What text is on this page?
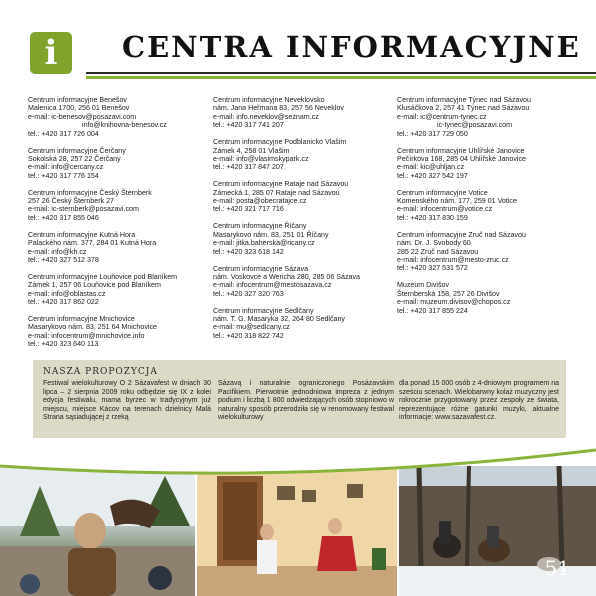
i CENTRA INFORMACYJNE
Centrum informacyjne Benešov
Malenica 1700, 256 01 Benešov
e-mail: ic-benesov@posazavi.com
info@knihovna-benesov.cz
tel.: +420 317 726 004
Centrum informacyjne Čerčany
Sokolská 28, 257 22 Čerčany
e-mail: info@cercany.cz
tel.: +420 317 776 154
Centrum informacyjne Český Šternberk
257 26 Český Šternberk 27
e-mail: ic-sternberk@posazavi.com
tel.: +420 317 855 046
Centrum informacyjne Kutná Hora
Palackého nám. 377, 284 01 Kutná Hora
e-mail: info@kh.cz
tel.: +420 327 512 378
Centrum informacyjne Louňovice pod Blaníkem
Zámek 1, 257 06 Louňovice pod Blaníkem
e-mail: info@oblastas.cz
tel.: +420 317 862 022
Centrum informacyjne Mnichovice
Masarykovo nám. 83, 251 64 Mnichovice
e-mail: infocentrum@mnichovice.info
tel.: +420 323 640 113
Centrum informacyjne Neveklovsko
nám. Jana Heřmana 83, 257 56 Neveklov
e-mail: info.neveklov@seznam.cz
tel.: +420 317 741 207
Centrum informacyjne Podblanicko Vlašim
Zámek 4, 258 01 Vlašim
e-mail: info@vlasimskypark.cz
tel.: +420 317 847 207
Centrum informacyjne Rataje nad Sázavou
Zámecká 1, 285 07 Rataje nad Sázavou
e-mail: posta@obecratajce.cz
tel.: +420 321 717 716
Centrum informacyjne Říčany
Masarykovo nám. 83, 251 01 Říčany
e-mail: jitka.baherska@ricany.cz
tel.: +420 323 618 142
Centrum informacyjne Sázava
nám. Voskovce a Wericha 280, 285 06 Sázava
e-mail: infocentrum@mestosazava.cz
tel.: +420 327 320 763
Centrum informacyjne Sedlčany
nám. T. G. Masaryka 32, 264 80 Sedlčany
e-mail: mu@sedlcany.cz
tel.: +420 318 822 742
Centrum informacyjne Týnec nad Sázavou
Klusáčkova 2, 257 41 Týnec nad Sázavou
e-mail: ic@centrum-tynec.cz
ic-tynec@posazavi.com
tel.: +420 317 729 050
Centrum informacyjne Uhlířské Janovice
Pečírkova 168, 285 04 Uhlířské Janovice
e-mail: kic@uhljan.cz
tel.: +420 327 542 197
Centrum informacyjne Votice
Komenského nám. 177, 259 01 Votice
e-mail: infocentrum@votice.cz
tel.: +420 317 830 159
Centrum informacyjne Zruč nad Sázavou
nám. Dr. J. Svobody 60
285 22 Zruč nad Sázavou
e-mail: infocentrum@mesto-zruc.cz
tel.: +420 327 531 572
Muzeum Divišov
Šternberská 158, 257 26 Divišov
e-mail: muzeum.divisov@chopos.cz
tel.: +420 317 855 224
NASZA PROPOZYCJA
Festiwal wielokulturowy O 2 Sázavafest w dniach 30 lipca – 2 sierpnia 2009 roku odbędzie się IX z kolei edycja festiwalu, mama byrzec w tradycyjnym już miejscu, miejsce Kácov na terenach dzielnicy Malá Strana sąsiadującej z rzeką
Sázavą i naturalnie ograniczonego Posázavskim Pacifikiem. Pierwotnie jednodniowa impreza z jednym podium i liczbą 1 800 odwiedzających osób stopniowo w naturalny sposób przerodziła się w renomowany festiwal wielokulturowy
dla ponad 15 000 osób z 4-dniowym programem na sześciu scenach. Wielobarwny kolaż muzyczny jest rokrocznie przygotowany przez zespoły ze świata, reprezentujące różne gatunki muzyki, aktualne informacje: www.sazavafest.cz.
51
